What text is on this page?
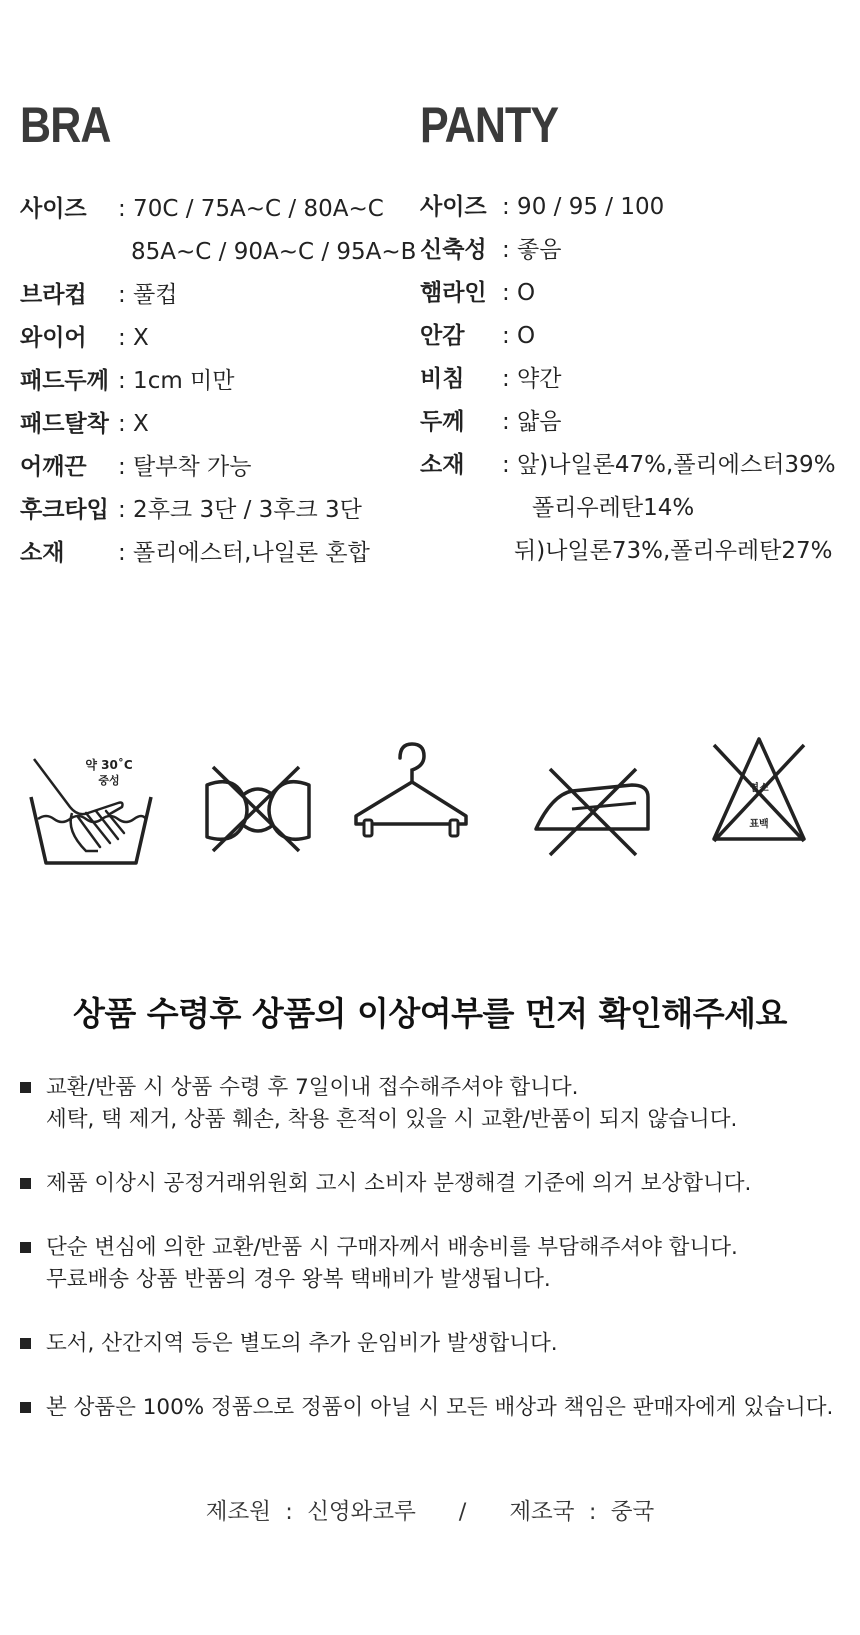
BRA	PANTY
사이즈	: 70C / 75A~C / 80A~C
85A~C / 90A~C / 95A~B
브라컵	: 풀컵
와이어	: X
패드두께 : 1cm 미만
패드탈착 : X
어깨끈	: 탈부착 가능
후크타입 : 2후크 3단 / 3후크 3단
소재	: 폴리에스터,나일론 혼합
사이즈 : 90 / 95 / 100
신축성 : 좋음
햄라인 : O
안감	: O
비침	: 약간
두께	: 얇음
소재	: 앞)나일론47%,폴리에스터39%
폴리우레탄14%
뒤)나일론73%,폴리우레탄27%
약 30˚C
중성
염소
표백
상품 수령후 상품의 이상여부를 먼저 확인해주세요
교환/반품 시 상품 수령 후 7일이내 접수해주셔야 합니다.
세탁, 택 제거, 상품 훼손, 착용 흔적이 있을 시 교환/반품이 되지 않습니다.
제품 이상시 공정거래위원회 고시 소비자 분쟁해결 기준에 의거 보상합니다.
단순 변심에 의한 교환/반품 시 구매자께서 배송비를 부담해주셔야 합니다.
무료배송 상품 반품의 경우 왕복 택배비가 발생됩니다.
도서, 산간지역 등은 별도의 추가 운임비가 발생합니다.
본 상품은 100% 정품으로 정품이 아닐 시 모든 배상과 책임은 판매자에게 있습니다.
제조원  :  신영와코루 / 제조국  :  중국
